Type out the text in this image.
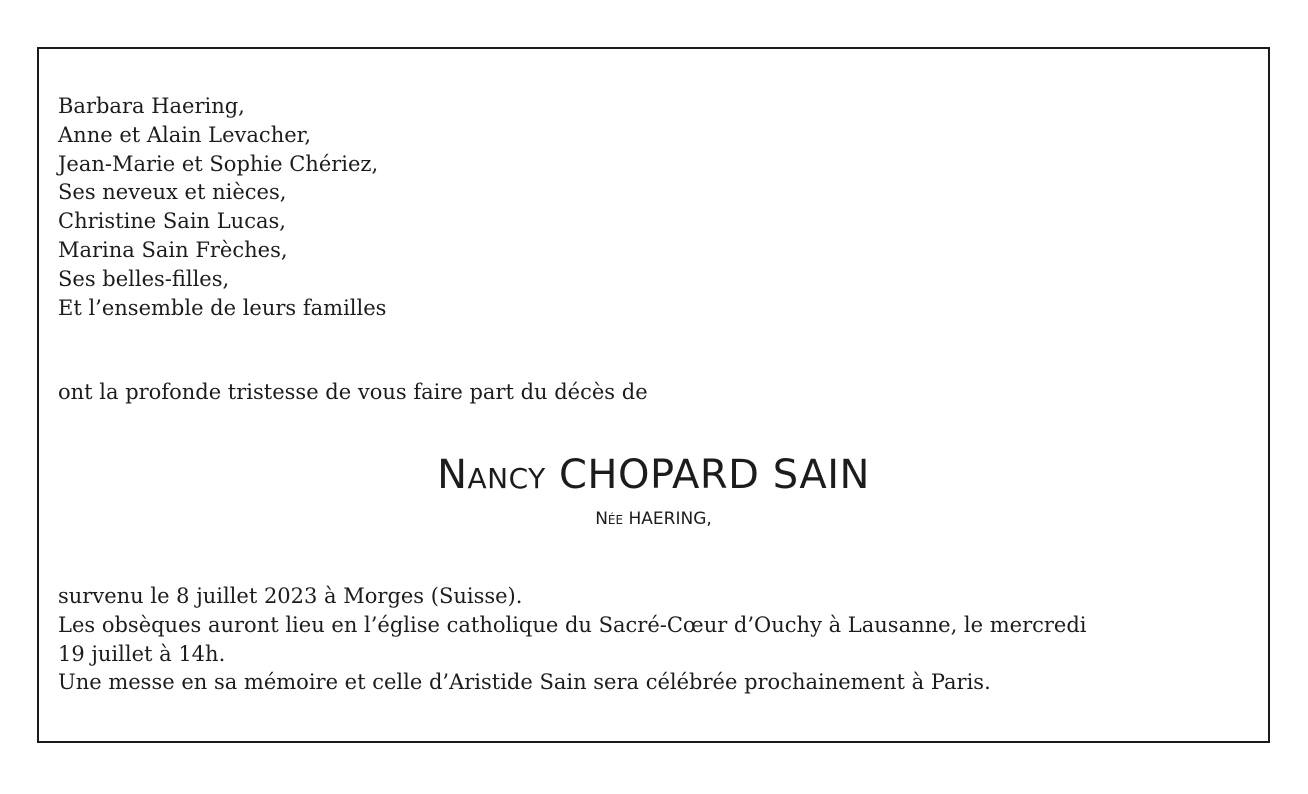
Barbara Haering,
Anne et Alain Levacher,
Jean-Marie et Sophie Chériez,
Ses neveux et nièces,
Christine Sain Lucas,
Marina Sain Frèches,
Ses belles-filles,
Et l’ensemble de leurs familles

ont la profonde tristesse de vous faire part du décès de

Nancy CHOPARD SAIN

Née HAERING,

survenu le 8 juillet 2023 à Morges (Suisse).

Les obsèques auront lieu en l’église catholique du Sacré-Cœur d’Ouchy à Lausanne, le mercredi

19 juillet à 14h.

Une messe en sa mémoire et celle d’Aristide Sain sera célébrée prochainement à Paris.
